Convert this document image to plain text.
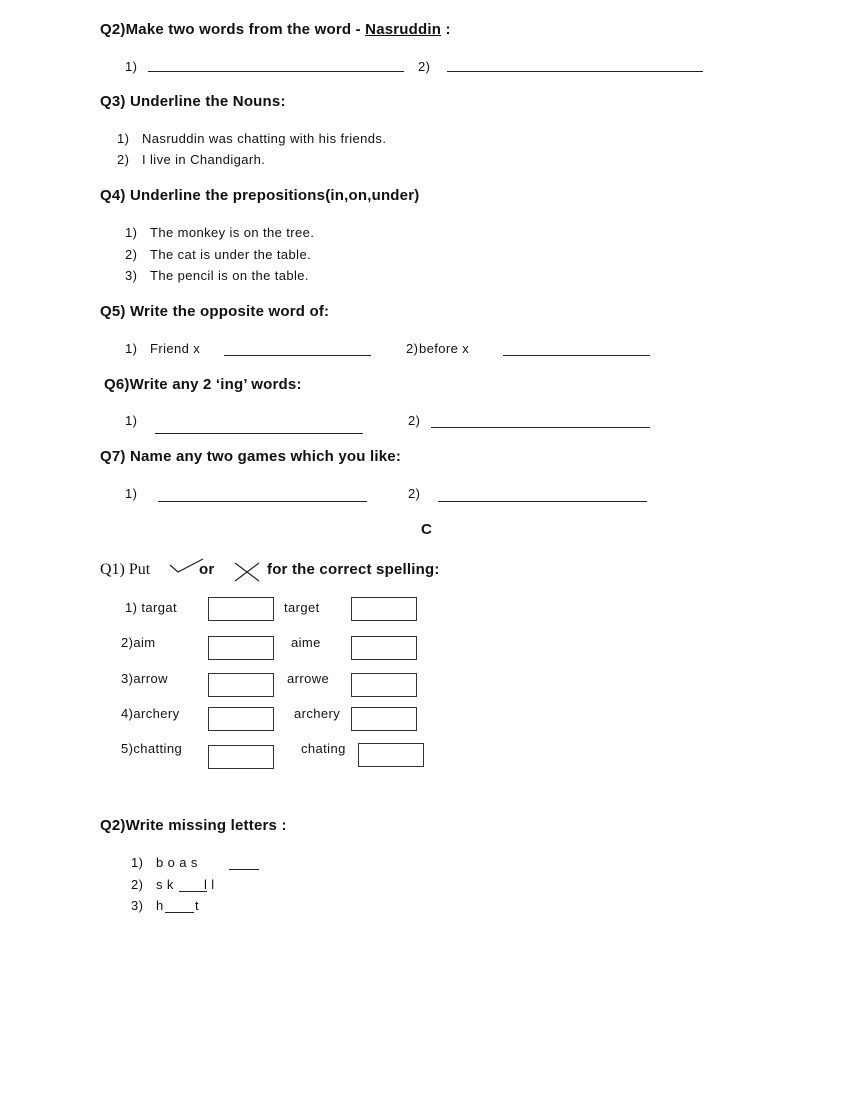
Q2)Make two words from the word - Nasruddin :
1)	2)
Q3) Underline the Nouns:
1) Nasruddin was chatting with his friends.
2) I live in Chandigarh.
Q4) Underline the prepositions(in,on,under)
1) The monkey is on the tree.
2) The cat is under the table.
3) The pencil is on the table.
Q5) Write the opposite word of:
1) Friend x	2) before x
Q6)Write any 2 ‘ing’ words:
1)	2)
Q7) Name any two games which you like:
1)	2)
C
Q1) Put	or	for the correct spelling:
1) targat	target
2)aim	aime
3)arrow	arrowe
4)archery	archery
5)chatting	chating
Q2)Write missing letters :
1) b o a s
2) s k l l
3) h t
